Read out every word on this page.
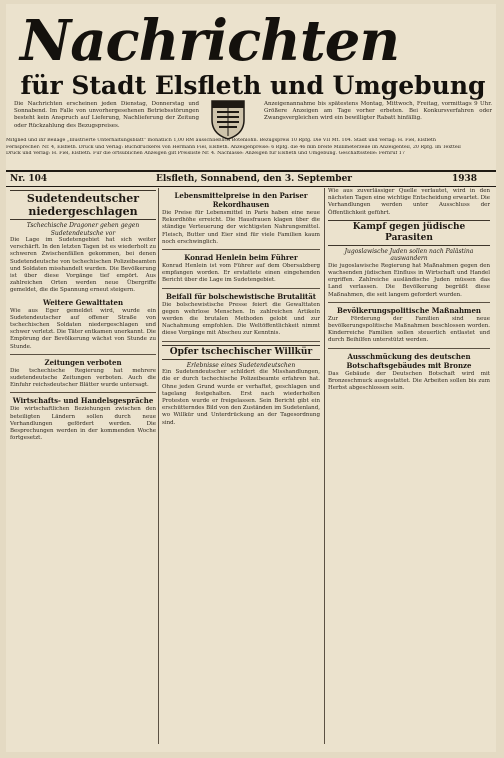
Nachrichten
für Stadt Elsfleth und Umgebung
Die Nachrichten erscheinen jeden Dienstag, Donnerstag und Sonnabend. Im Falle von unvorhergesehenen Betriebsstörungen besteht kein Anspruch auf Lieferung, Nachlieferung der Zeitung oder Rückzahlung des Bezugspreises.
Anzeigenannahme bis spätestens Montag, Mittwoch, Freitag, vormittags 9 Uhr. Größere Anzeigen am Tage vorher erbeten. Bei Konkursverfahren oder Zwangsvergleichen wird ein bewilligter Rabatt hinfällig.
Mitglied und ihr Beilage „Illustrierte Unterhaltungsblatt“ monatlich 1,00 RM ausschließlich Botenlohn. Bezugspreis 10 Rpfg. Die VII Mt. 104. Stadt und Verlag: H. Fiel, Elsfleth
Fernsprecher: Nr. 4, Elsfleth. Druck und Verlag: Buchdruckerei von Hermann Fiel, Elsfleth. Anzeigenpreise: 6 Rpfg. die 46 mm breite Millimeterzeile im Anzeigenteil, 20 Rpfg. im Textteil
Druck und Verlag: H. Fiel, Elsfleth. Für die ortsüblichen Anzeigen gilt Preisliste Nr. 4. Nachlässe: Anzeigen für Elsfleth und Umgebung. Geschäftsstelle: Fernruf 17
Nr. 104	Elsfleth, Sonnabend, den 3. September	1938
Sudetendeutscher niedergeschlagen
Tschechische Dragoner gehen gegen Sudetendeutsche vor
Die Lage im Sudetengebiet hat sich weiter verschärft. In den letzten Tagen ist es wiederholt zu schweren Zwischenfällen gekommen, bei denen Sudetendeutsche von tschechischen Polizeibeamten und Soldaten misshandelt wurden. Die Bevölkerung ist über diese Vorgänge tief empört. Aus zahlreichen Orten werden neue Übergriffe gemeldet, die die Spannung erneut steigern.
Weitere Gewalttaten
Wie aus Eger gemeldet wird, wurde ein Sudetendeutscher auf offener Straße von tschechischen Soldaten niedergeschlagen und schwer verletzt. Die Täter entkamen unerkannt. Die Empörung der Bevölkerung wächst von Stunde zu Stunde.
Zeitungen verboten
Die tschechische Regierung hat mehrere sudetendeutsche Zeitungen verboten. Auch die Einfuhr reichsdeutscher Blätter wurde untersagt.
Wirtschafts- und Handelsgespräche
Die wirtschaftlichen Beziehungen zwischen den beteiligten Ländern sollen durch neue Verhandlungen gefördert werden. Die Besprechungen werden in der kommenden Woche fortgesetzt.
Lebensmittelpreise in den Pariser Rekordhausen
Die Preise für Lebensmittel in Paris haben eine neue Rekordhöhe erreicht. Die Hausfrauen klagen über die ständige Verteuerung der wichtigsten Nahrungsmittel. Fleisch, Butter und Eier sind für viele Familien kaum noch erschwinglich.
Konrad Henlein beim Führer
Konrad Henlein ist vom Führer auf dem Obersalzberg empfangen worden. Er erstattete einen eingehenden Bericht über die Lage im Sudetengebiet.
Beifall für bolschewistische Brutalität
Die bolschewistische Presse feiert die Gewalttaten gegen wehrlose Menschen. In zahlreichen Artikeln werden die brutalen Methoden gelobt und zur Nachahmung empfohlen. Die Weltöffentlichkeit nimmt diese Vorgänge mit Abscheu zur Kenntnis.
Opfer tschechischer Willkür
Erlebnisse eines Sudetendeutschen
Ein Sudetendeutscher schildert die Misshandlungen, die er durch tschechische Polizeibeamte erfahren hat. Ohne jeden Grund wurde er verhaftet, geschlagen und tagelang festgehalten. Erst nach wiederholten Protesten wurde er freigelassen. Sein Bericht gibt ein erschütterndes Bild von den Zuständen im Sudetenland, wo Willkür und Unterdrückung an der Tagesordnung sind.
Wie aus zuverlässiger Quelle verlautet, wird in den nächsten Tagen eine wichtige Entscheidung erwartet. Die Verhandlungen werden unter Ausschluss der Öffentlichkeit geführt.
Kampf gegen jüdische Parasiten
Jugoslawische Juden sollen nach Palästina auswandern
Die jugoslawische Regierung hat Maßnahmen gegen den wachsenden jüdischen Einfluss in Wirtschaft und Handel ergriffen. Zahlreiche ausländische Juden müssen das Land verlassen. Die Bevölkerung begrüßt diese Maßnahmen, die seit langem gefordert wurden.
Bevölkerungspolitische Maßnahmen
Zur Förderung der Familien sind neue bevölkerungspolitische Maßnahmen beschlossen worden. Kinderreiche Familien sollen steuerlich entlastet und durch Beihilfen unterstützt werden.
Ausschmückung des deutschen Botschaftsgebäudes mit Bronze
Das Gebäude der Deutschen Botschaft wird mit Bronzeschmuck ausgestattet. Die Arbeiten sollen bis zum Herbst abgeschlossen sein.
